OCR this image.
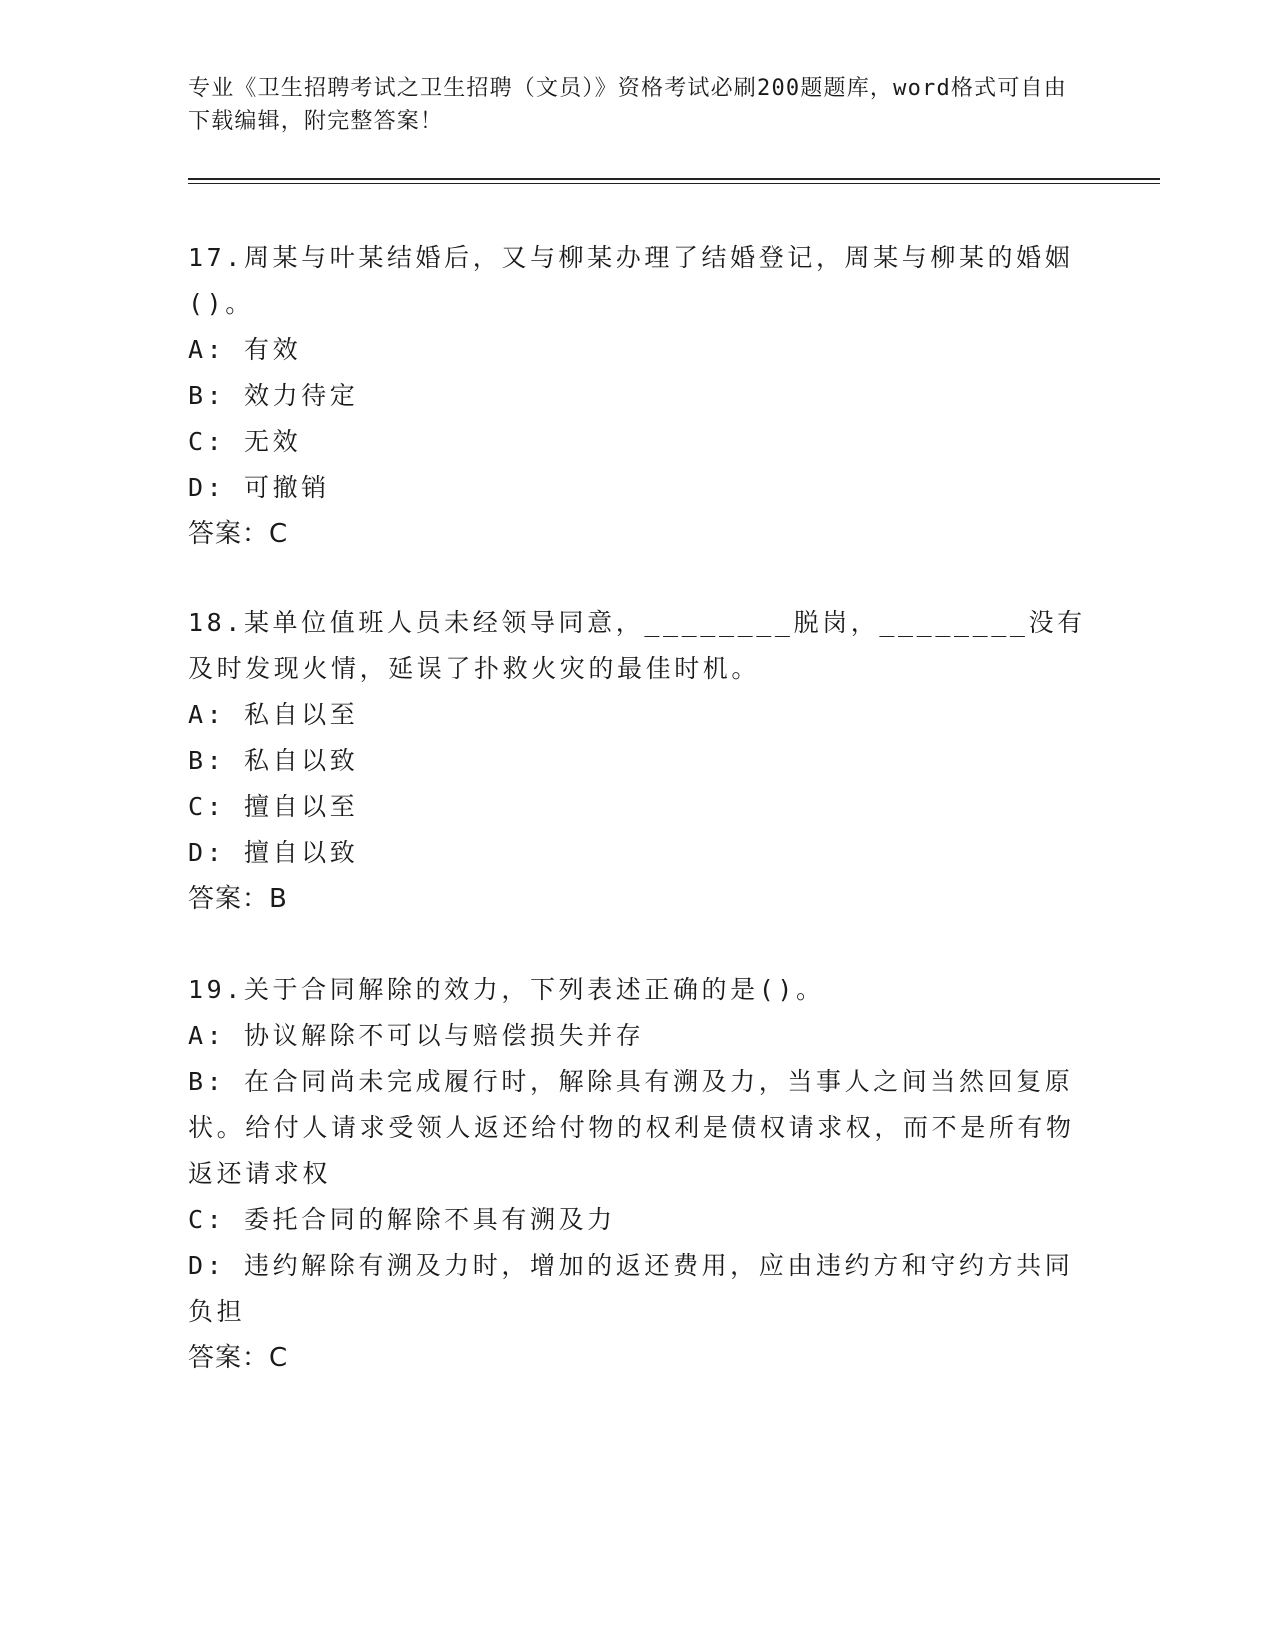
专业《卫生招聘考试之卫生招聘（文员）》资格考试必刷200题题库，word格式可自由下载编辑，附完整答案！

17.周某与叶某结婚后，又与柳某办理了结婚登记，周某与柳某的婚姻()。

A: 有效

B: 效力待定

C: 无效

D: 可撤销

答案：C

18.某单位值班人员未经领导同意，________脱岗，________没有及时发现火情，延误了扑救火灾的最佳时机。

A: 私自以至

B: 私自以致

C: 擅自以至

D: 擅自以致

答案：B

19.关于合同解除的效力，下列表述正确的是()。

A: 协议解除不可以与赔偿损失并存

B: 在合同尚未完成履行时，解除具有溯及力，当事人之间当然回复原状。给付人请求受领人返还给付物的权利是债权请求权，而不是所有物返还请求权

C: 委托合同的解除不具有溯及力

D: 违约解除有溯及力时，增加的返还费用，应由违约方和守约方共同负担

答案：C
